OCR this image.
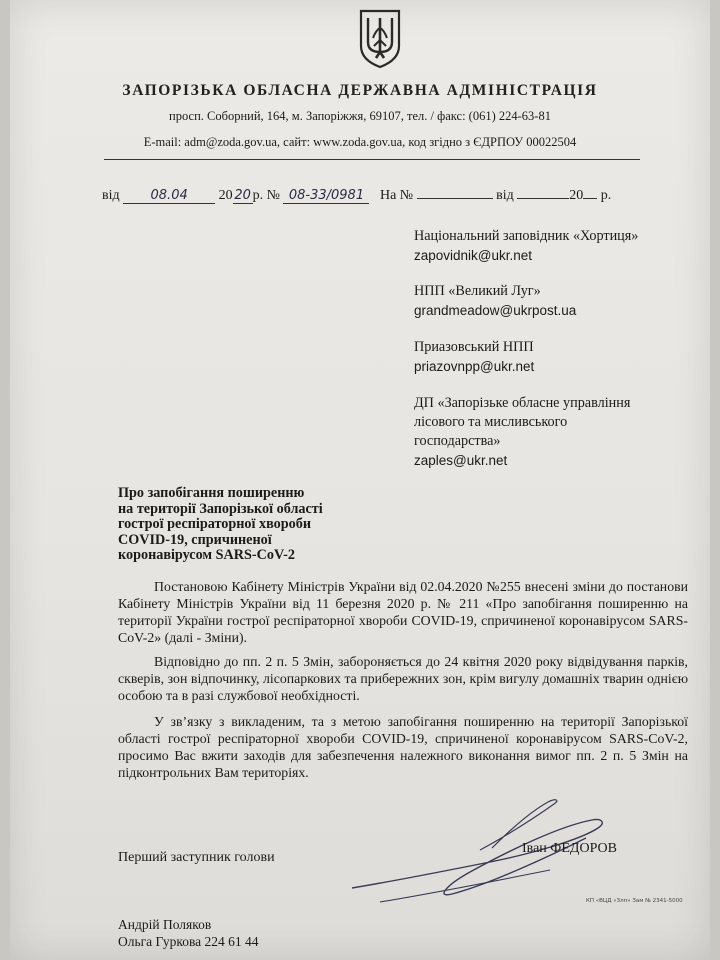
ЗАПОРІЗЬКА ОБЛАСНА ДЕРЖАВНА АДМІНІСТРАЦІЯ
просп. Соборний, 164, м. Запоріжжя, 69107, тел. / факс: (061) 224-63-81
E-mail: adm@zoda.gov.ua, сайт: www.zoda.gov.ua, код згідно з ЄДРПОУ 00022504
від 08.04 20 20 р. № 08-33/0981 На №	від	20 р.
Національний заповідник «Хортиця»
zapovidnik@ukr.net
НПП «Великий Луг»
grandmeadow@ukrpost.ua
Приазовський НПП
priazovnpp@ukr.net
ДП «Запорізьке обласне управління
лісового та мисливського
господарства»
zaples@ukr.net
Про запобігання поширенню
на території Запорізької області
гострої респіраторної хвороби
COVID-19, спричиненої
коронавірусом SARS-CoV-2

Постановою Кабінету Міністрів України від 02.04.2020 №255 внесені зміни до постанови Кабінету Міністрів України від 11 березня 2020 р. № 211 «Про запобігання поширенню на території України гострої респіраторної хвороби COVID-19, спричиненої коронавірусом SARS-CoV-2» (далі - Зміни).

Відповідно до пп. 2 п. 5 Змін, забороняється до 24 квітня 2020 року відвідування парків, скверів, зон відпочинку, лісопаркових та прибережних зон, крім вигулу домашніх тварин однією особою та в разі службової необхідності.

У зв’язку з викладеним, та з метою запобігання поширенню на території Запорізької області гострої респіраторної хвороби COVID-19, спричиненої коронавірусом SARS-CoV-2, просимо Вас вжити заходів для забезпечення належного виконання вимог пп. 2 п. 5 Змін на підконтрольних Вам територіях.

Перший заступник голови
Іван ФЕДОРОВ
КП «ВЦД «Злп» Зам № 2341-5000
Андрій Поляков
Ольга Гуркова 224 61 44
